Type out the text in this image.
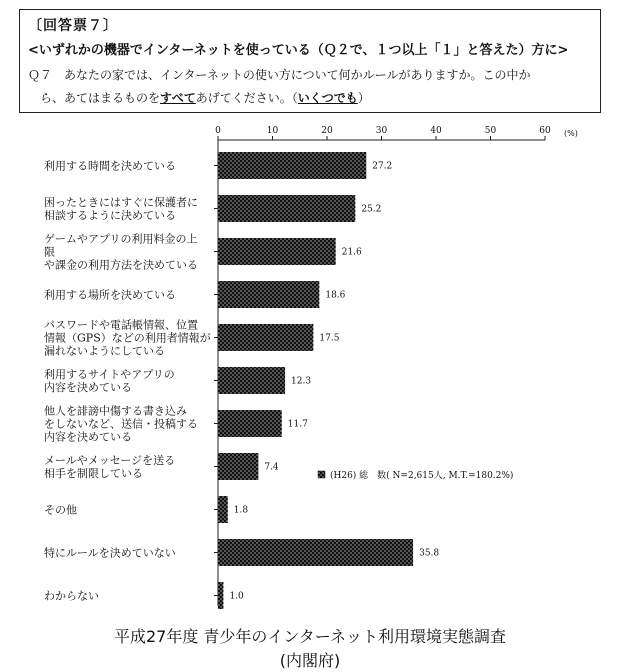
〔回答票７〕
<いずれかの機器でインターネットを使っている（Ｑ２で、１つ以上「１」と答えた）方に>
Ｑ７　あなたの家では、インターネットの使い方について何かルールがありますか。この中か
　ら、あてはまるものをすべてあげてください。（いくつでも）
0	10	20	30	40	50	60 (%)
27.2
25.2
21.6
18.6
17.5
12.3
11.7
7.4
1.8
35.8
1.0
利用する時間を決めている
困ったときにはすぐに保護者に
相談するように決めている
ゲームやアプリの利用料金の上
限
や課金の利用方法を決めている
利用する場所を決めている
パスワードや電話帳情報、位置
情報（GPS）などの利用者情報が
漏れないようにしている
利用するサイトやアプリの
内容を決めている
他人を誹謗中傷する書き込み
をしないなど、送信・投稿する
内容を決めている
メールやメッセージを送る
相手を制限している
その他
特にルールを決めていない
わからない
(H26) 総　数( N=2,615人, M.T.=180.2%)
平成27年度 青少年のインターネット利用環境実態調査
(内閣府)
